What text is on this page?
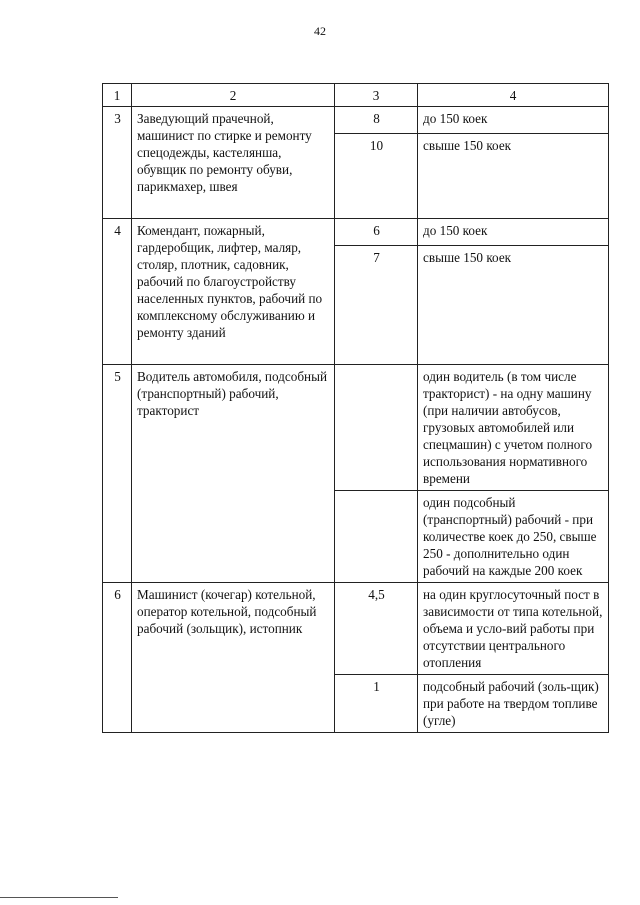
42
1	2	3	4
3	Заведующий прачечной, машинист по стирке и ремонту спецодежды, кастелянша, обувщик по ремонту обуви, парикмахер, швея	8	до 150 коек
		10	свыше 150 коек
4	Комендант, пожарный, гардеробщик, лифтер, маляр, столяр, плотник, садовник, рабочий по благоустройству населенных пунктов, рабочий по комплексному обслуживанию и ремонту зданий	6	до 150 коек
		7	свыше 150 коек
5	Водитель автомобиля, подсобный (транспортный) рабочий, тракторист		один водитель (в том числе тракторист) - на одну машину (при наличии автобусов, грузовых автомобилей или спецмашин) с учетом полного использования нормативного времени
			один подсобный (транспортный) рабочий - при количестве коек до 250, свыше 250 - дополнительно один рабочий на каждые 200 коек
6	Машинист (кочегар) котельной, оператор котельной, подсобный рабочий (зольщик), истопник	4,5	на один круглосуточный пост в зависимости от типа котельной, объема и усло-вий работы при отсутствии центрального отопления
		1	подсобный рабочий (золь-щик) при работе на твердом топливе (угле)
